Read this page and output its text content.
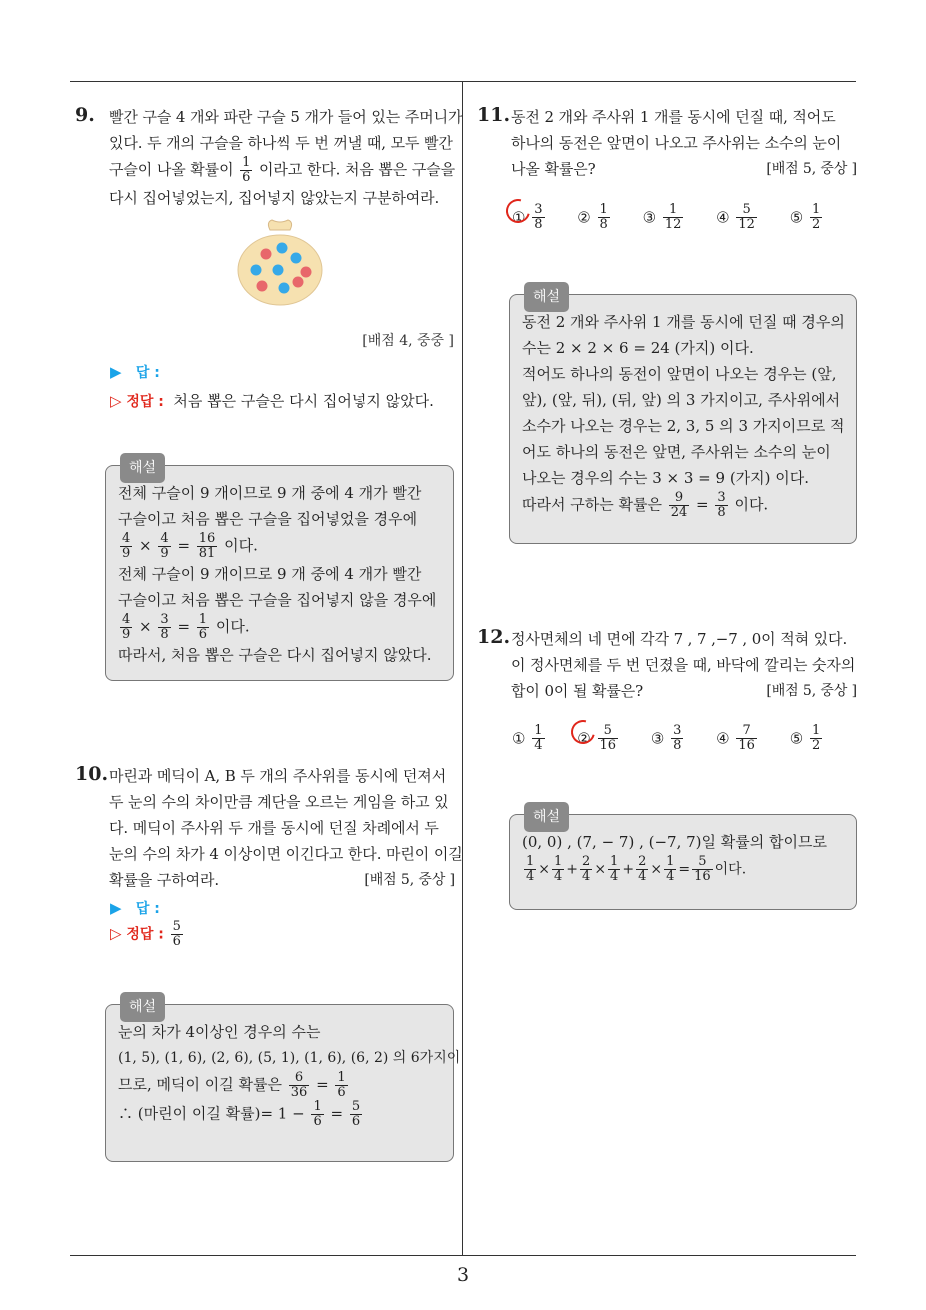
3
9. 빨간 구슬 4 개와 파란 구슬 5 개가 들어 있는 주머니가
있다. 두 개의 구슬을 하나씩 두 번 꺼낼 때, 모두 빨간
구슬이 나올 확률이 $\frac{1}{6}$ 이라고 한다. 처음 뽑은 구슬을
다시 집어넣었는지, 집어넣지 않았는지 구분하여라.
[배점 4, 중중 ]
▶ 답 :
▷ 정답 : 처음 뽑은 구슬은 다시 집어넣지 않았다.
해설
전체 구슬이 9 개이므로 9 개 중에 4 개가 빨간
구슬이고 처음 뽑은 구슬을 집어넣었을 경우에
$\frac{4}{9} \times \frac{4}{9} = \frac{16}{81}$ 이다.
전체 구슬이 9 개이므로 9 개 중에 4 개가 빨간
구슬이고 처음 뽑은 구슬을 집어넣지 않을 경우에
$\frac{4}{9} \times \frac{3}{8} = \frac{1}{6}$ 이다.
따라서, 처음 뽑은 구슬은 다시 집어넣지 않았다.
10. 마린과 메딕이 A, B 두 개의 주사위를 동시에 던져서
두 눈의 수의 차이만큼 계단을 오르는 게임을 하고 있
다. 메딕이 주사위 두 개를 동시에 던질 차례에서 두
눈의 수의 차가 4 이상이면 이긴다고 한다. 마린이 이길
확률을 구하여라.	[배점 5, 중상 ]
▶ 답 :
▷ 정답 : $\frac{5}{6}$
해설
눈의 차가 4이상인 경우의 수는
(1, 5), (1, 6), (2, 6), (5, 1), (1, 6), (6, 2) 의 6가지이
므로, 메딕이 이길 확률은 $\frac{6}{36} = \frac{1}{6}$
∴ (마린이 이길 확률)= $1 - \frac{1}{6} = \frac{5}{6}$
11. 동전 2 개와 주사위 1 개를 동시에 던질 때, 적어도
하나의 동전은 앞면이 나오고 주사위는 소수의 눈이
나올 확률은?	[배점 5, 중상 ]
① $\frac{3}{8}$ ② $\frac{1}{8}$ ③ $\frac{1}{12}$ ④ $\frac{5}{12}$ ⑤ $\frac{1}{2}$
해설
동전 2 개와 주사위 1 개를 동시에 던질 때 경우의
수는 2 × 2 × 6 = 24 (가지) 이다.
적어도 하나의 동전이 앞면이 나오는 경우는 (앞,
앞), (앞, 뒤), (뒤, 앞) 의 3 가지이고, 주사위에서
소수가 나오는 경우는 2, 3, 5 의 3 가지이므로 적
어도 하나의 동전은 앞면, 주사위는 소수의 눈이
나오는 경우의 수는 3 × 3 = 9 (가지) 이다.
따라서 구하는 확률은 $\frac{9}{24} = \frac{3}{8}$ 이다.
12. 정사면체의 네 면에 각각 7 , 7 ,−7 , 0이 적혀 있다.
이 정사면체를 두 번 던졌을 때, 바닥에 깔리는 숫자의
합이 0이 될 확률은?	[배점 5, 중상 ]
① $\frac{1}{4}$
② $\frac{5}{16}$ ③ $\frac{3}{8}$ ④ $\frac{7}{16}$ ⑤ $\frac{1}{2}$
해설
(0, 0) , (7, − 7) , (−7, 7)일 확률의 합이므로
$\frac{1}{4} \times \frac{1}{4} + \frac{2}{4} \times \frac{1}{4} + \frac{2}{4} \times \frac{1}{4} = \frac{5}{16}$ 이다.
